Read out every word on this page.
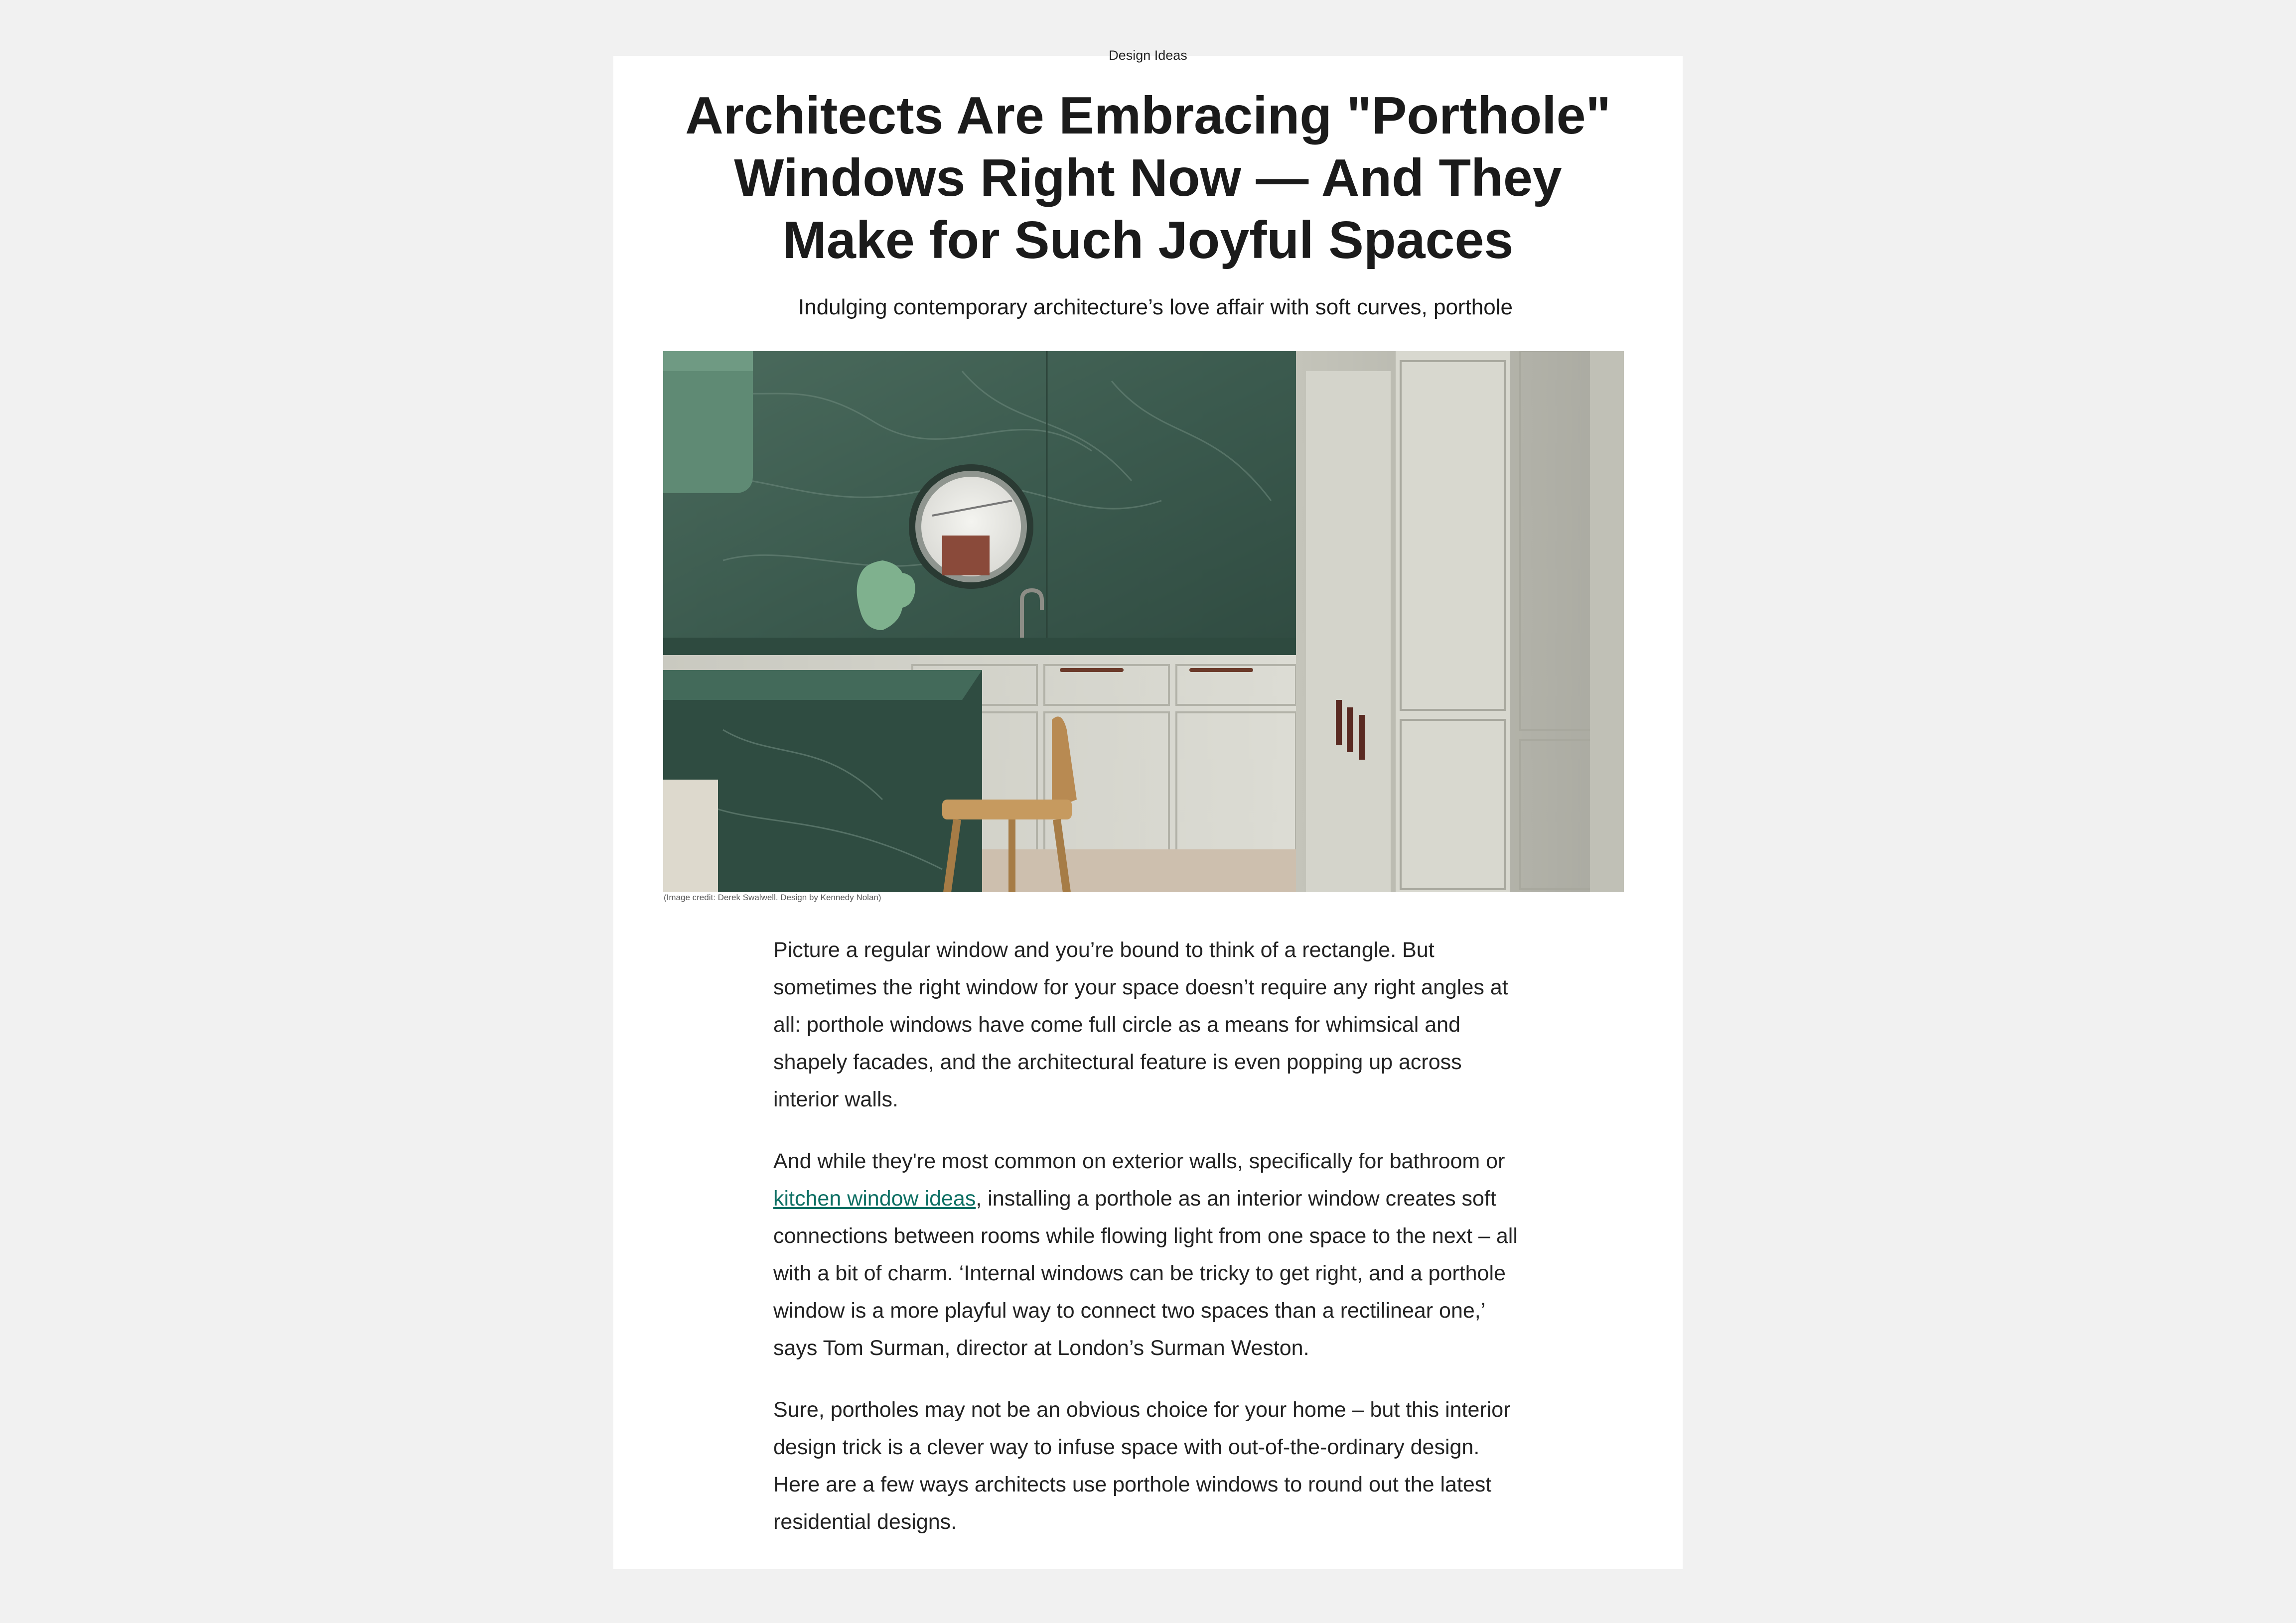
Design Ideas
Architects Are Embracing "Porthole" Windows Right Now — And They Make for Such Joyful Spaces
Indulging contemporary architecture’s love affair with soft curves, porthole
(Image credit: Derek Swalwell. Design by Kennedy Nolan)

Picture a regular window and you’re bound to think of a rectangle. But sometimes the right window for your space doesn’t require any right angles at all: porthole windows have come full circle as a means for whimsical and shapely facades, and the architectural feature is even popping up across interior walls.

And while they're most common on exterior walls, specifically for bathroom or kitchen window ideas, installing a porthole as an interior window creates soft connections between rooms while flowing light from one space to the next – all with a bit of charm. ‘Internal windows can be tricky to get right, and a porthole window is a more playful way to connect two spaces than a rectilinear one,’ says Tom Surman, director at London’s Surman Weston.

Sure, portholes may not be an obvious choice for your home – but this interior design trick is a clever way to infuse space with out-of-the-ordinary design. Here are a few ways architects use porthole windows to round out the latest residential designs.
